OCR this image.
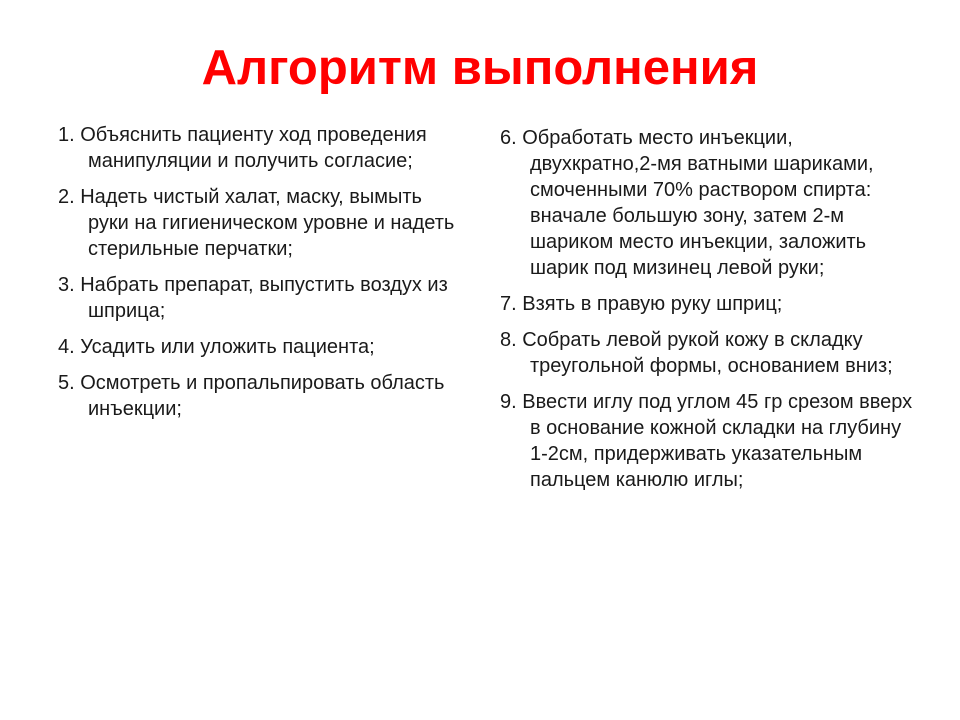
Алгоритм выполнения
1. Объяснить пациенту ход проведения манипуляции и получить согласие;
2. Надеть чистый халат, маску, вымыть руки на гигиеническом уровне и надеть стерильные перчатки;
3. Набрать препарат, выпустить воздух из шприца;
4. Усадить или уложить пациента;
5. Осмотреть и пропальпировать область инъекции;
6. Обработать место инъекции, двухкратно,2-мя ватными шариками, смоченными 70% раствором спирта: вначале большую зону, затем 2-м шариком место инъекции, заложить шарик под мизинец левой руки;
7. Взять в правую руку шприц;
8. Собрать левой рукой кожу в складку треугольной формы, основанием вниз;
9. Ввести иглу под углом 45 гр срезом вверх в основание кожной складки на глубину 1-2см, придерживать указательным пальцем канюлю иглы;
